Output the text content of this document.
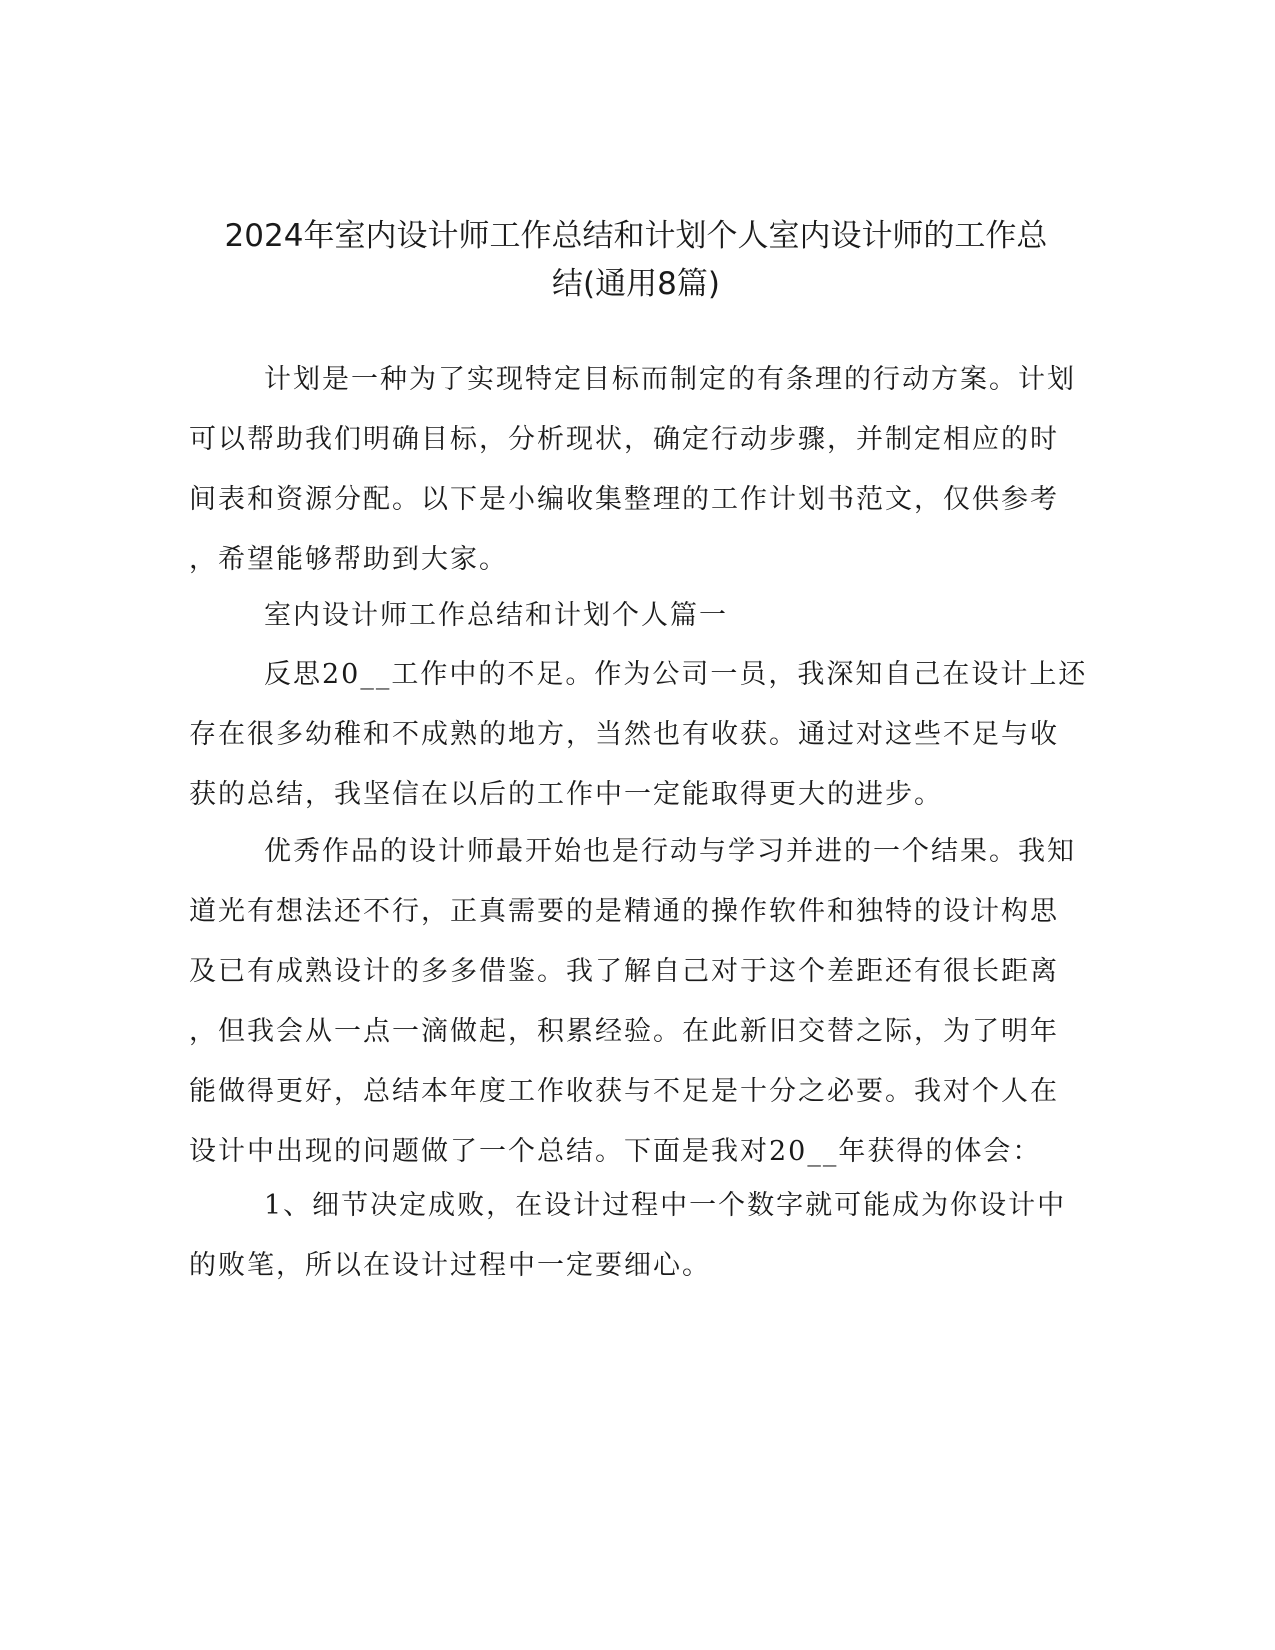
2024年室内设计师工作总结和计划个人室内设计师的工作总
结(通用8篇)
计划是一种为了实现特定目标而制定的有条理的行动方案。计划
可以帮助我们明确目标，分析现状，确定行动步骤，并制定相应的时
间表和资源分配。以下是小编收集整理的工作计划书范文，仅供参考
，希望能够帮助到大家。
室内设计师工作总结和计划个人篇一
反思20__工作中的不足。作为公司一员，我深知自己在设计上还
存在很多幼稚和不成熟的地方，当然也有收获。通过对这些不足与收
获的总结，我坚信在以后的工作中一定能取得更大的进步。
优秀作品的设计师最开始也是行动与学习并进的一个结果。我知
道光有想法还不行，正真需要的是精通的操作软件和独特的设计构思
及已有成熟设计的多多借鉴。我了解自己对于这个差距还有很长距离
，但我会从一点一滴做起，积累经验。在此新旧交替之际，为了明年
能做得更好，总结本年度工作收获与不足是十分之必要。我对个人在
设计中出现的问题做了一个总结。下面是我对20__年获得的体会：
1、细节决定成败，在设计过程中一个数字就可能成为你设计中
的败笔，所以在设计过程中一定要细心。
